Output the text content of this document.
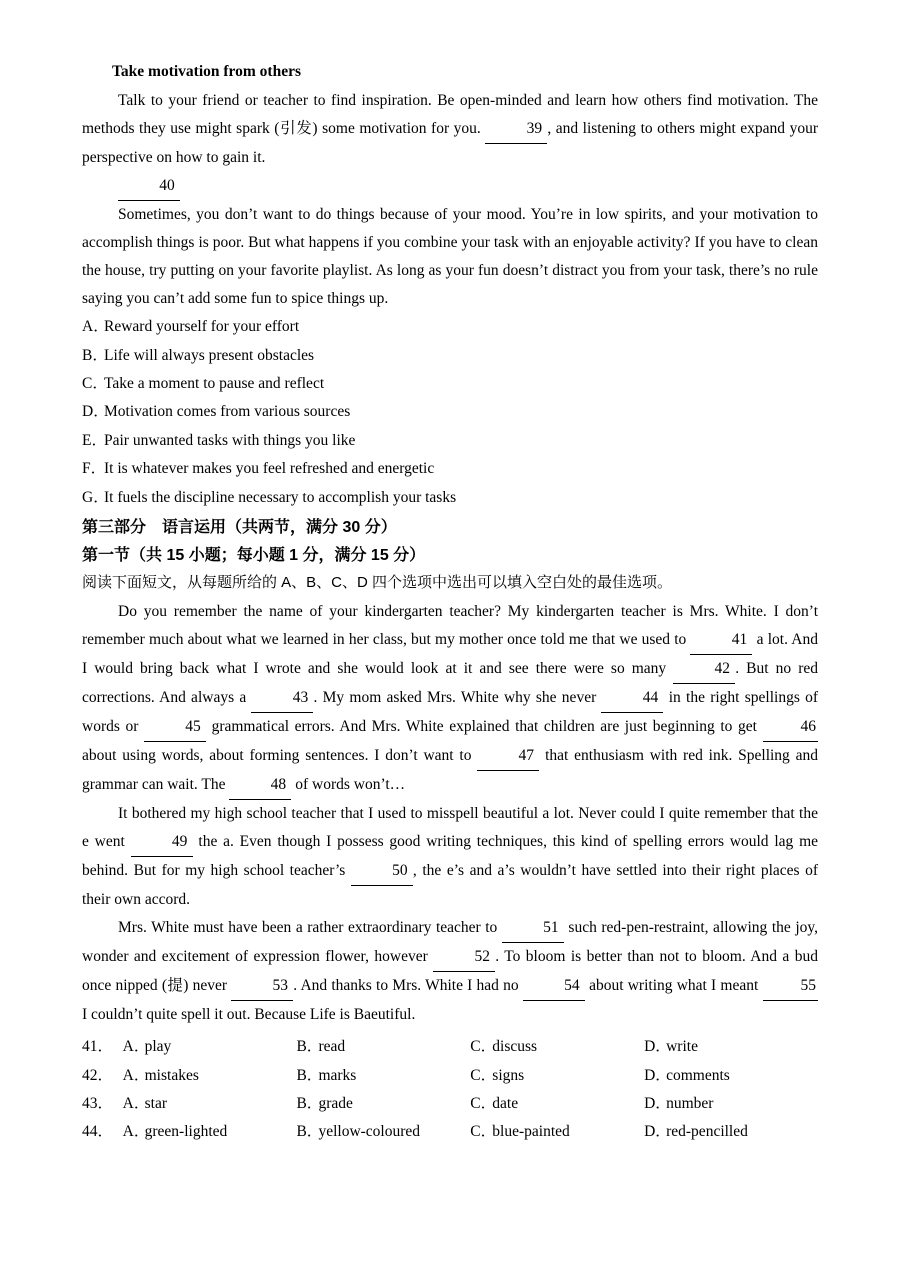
Take motivation from others

Talk to your friend or teacher to find inspiration. Be open-minded and learn how others find motivation. The methods they use might spark (引发) some motivation for you.	39 , and listening to others might expand your perspective on how to gain it.

40

Sometimes, you don’t want to do things because of your mood. You’re in low spirits, and your motivation to accomplish things is poor. But what happens if you combine your task with an enjoyable activity? If you have to clean the house, try putting on your favorite playlist. As long as your fun doesn’t distract you from your task, there’s no rule saying you can’t add some fun to spice things up.

A．Reward yourself for your effort
B．Life will always present obstacles
C．Take a moment to pause and reflect
D．Motivation comes from various sources
E．Pair unwanted tasks with things you like
F．It is whatever makes you feel refreshed and energetic
G．It fuels the discipline necessary to accomplish your tasks
第三部分　语言运用（共两节，满分 30 分）
第一节（共 15 小题；每小题 1 分，满分 15 分）
阅读下面短文，从每题所给的 A、B、C、D 四个选项中选出可以填入空白处的最佳选项。

Do you remember the name of your kindergarten teacher? My kindergarten teacher is Mrs. White. I don’t remember much about what we learned in her class, but my mother once told me that we used to	41 a lot. And I would bring back what I wrote and she would look at it and see there were so many	42 . But no red corrections. And always a	43 . My mom asked Mrs. White why she never	44 in the right spellings of words or	45 grammatical errors. And Mrs. White explained that children are just beginning to get	46 about using words, about forming sentences. I don’t want to	47 that enthusiasm with red ink. Spelling and grammar can wait. The	48 of words won’t…

It bothered my high school teacher that I used to misspell beautiful a lot. Never could I quite remember that the e went	49 the a. Even though I possess good writing techniques, this kind of spelling errors would lag me behind. But for my high school teacher’s	50 , the e’s and a’s wouldn’t have settled into their right places of their own accord.

Mrs. White must have been a rather extraordinary teacher to	51 such red-pen-restraint, allowing the joy, wonder and excitement of expression flower, however	52 . To bloom is better than not to bloom. And a bud once nipped (提) never	53 . And thanks to Mrs. White I had no	54 about writing what I meant	55 I couldn’t quite spell it out. Because Life is Baeutiful.

41．	A．play	B．read	C．discuss	D．write
42．	A．mistakes	B．marks	C．signs	D．comments
43．	A．star	B．grade	C．date	D．number
44．	A．green-lighted	B．yellow-coloured	C．blue-painted	D．red-pencilled
